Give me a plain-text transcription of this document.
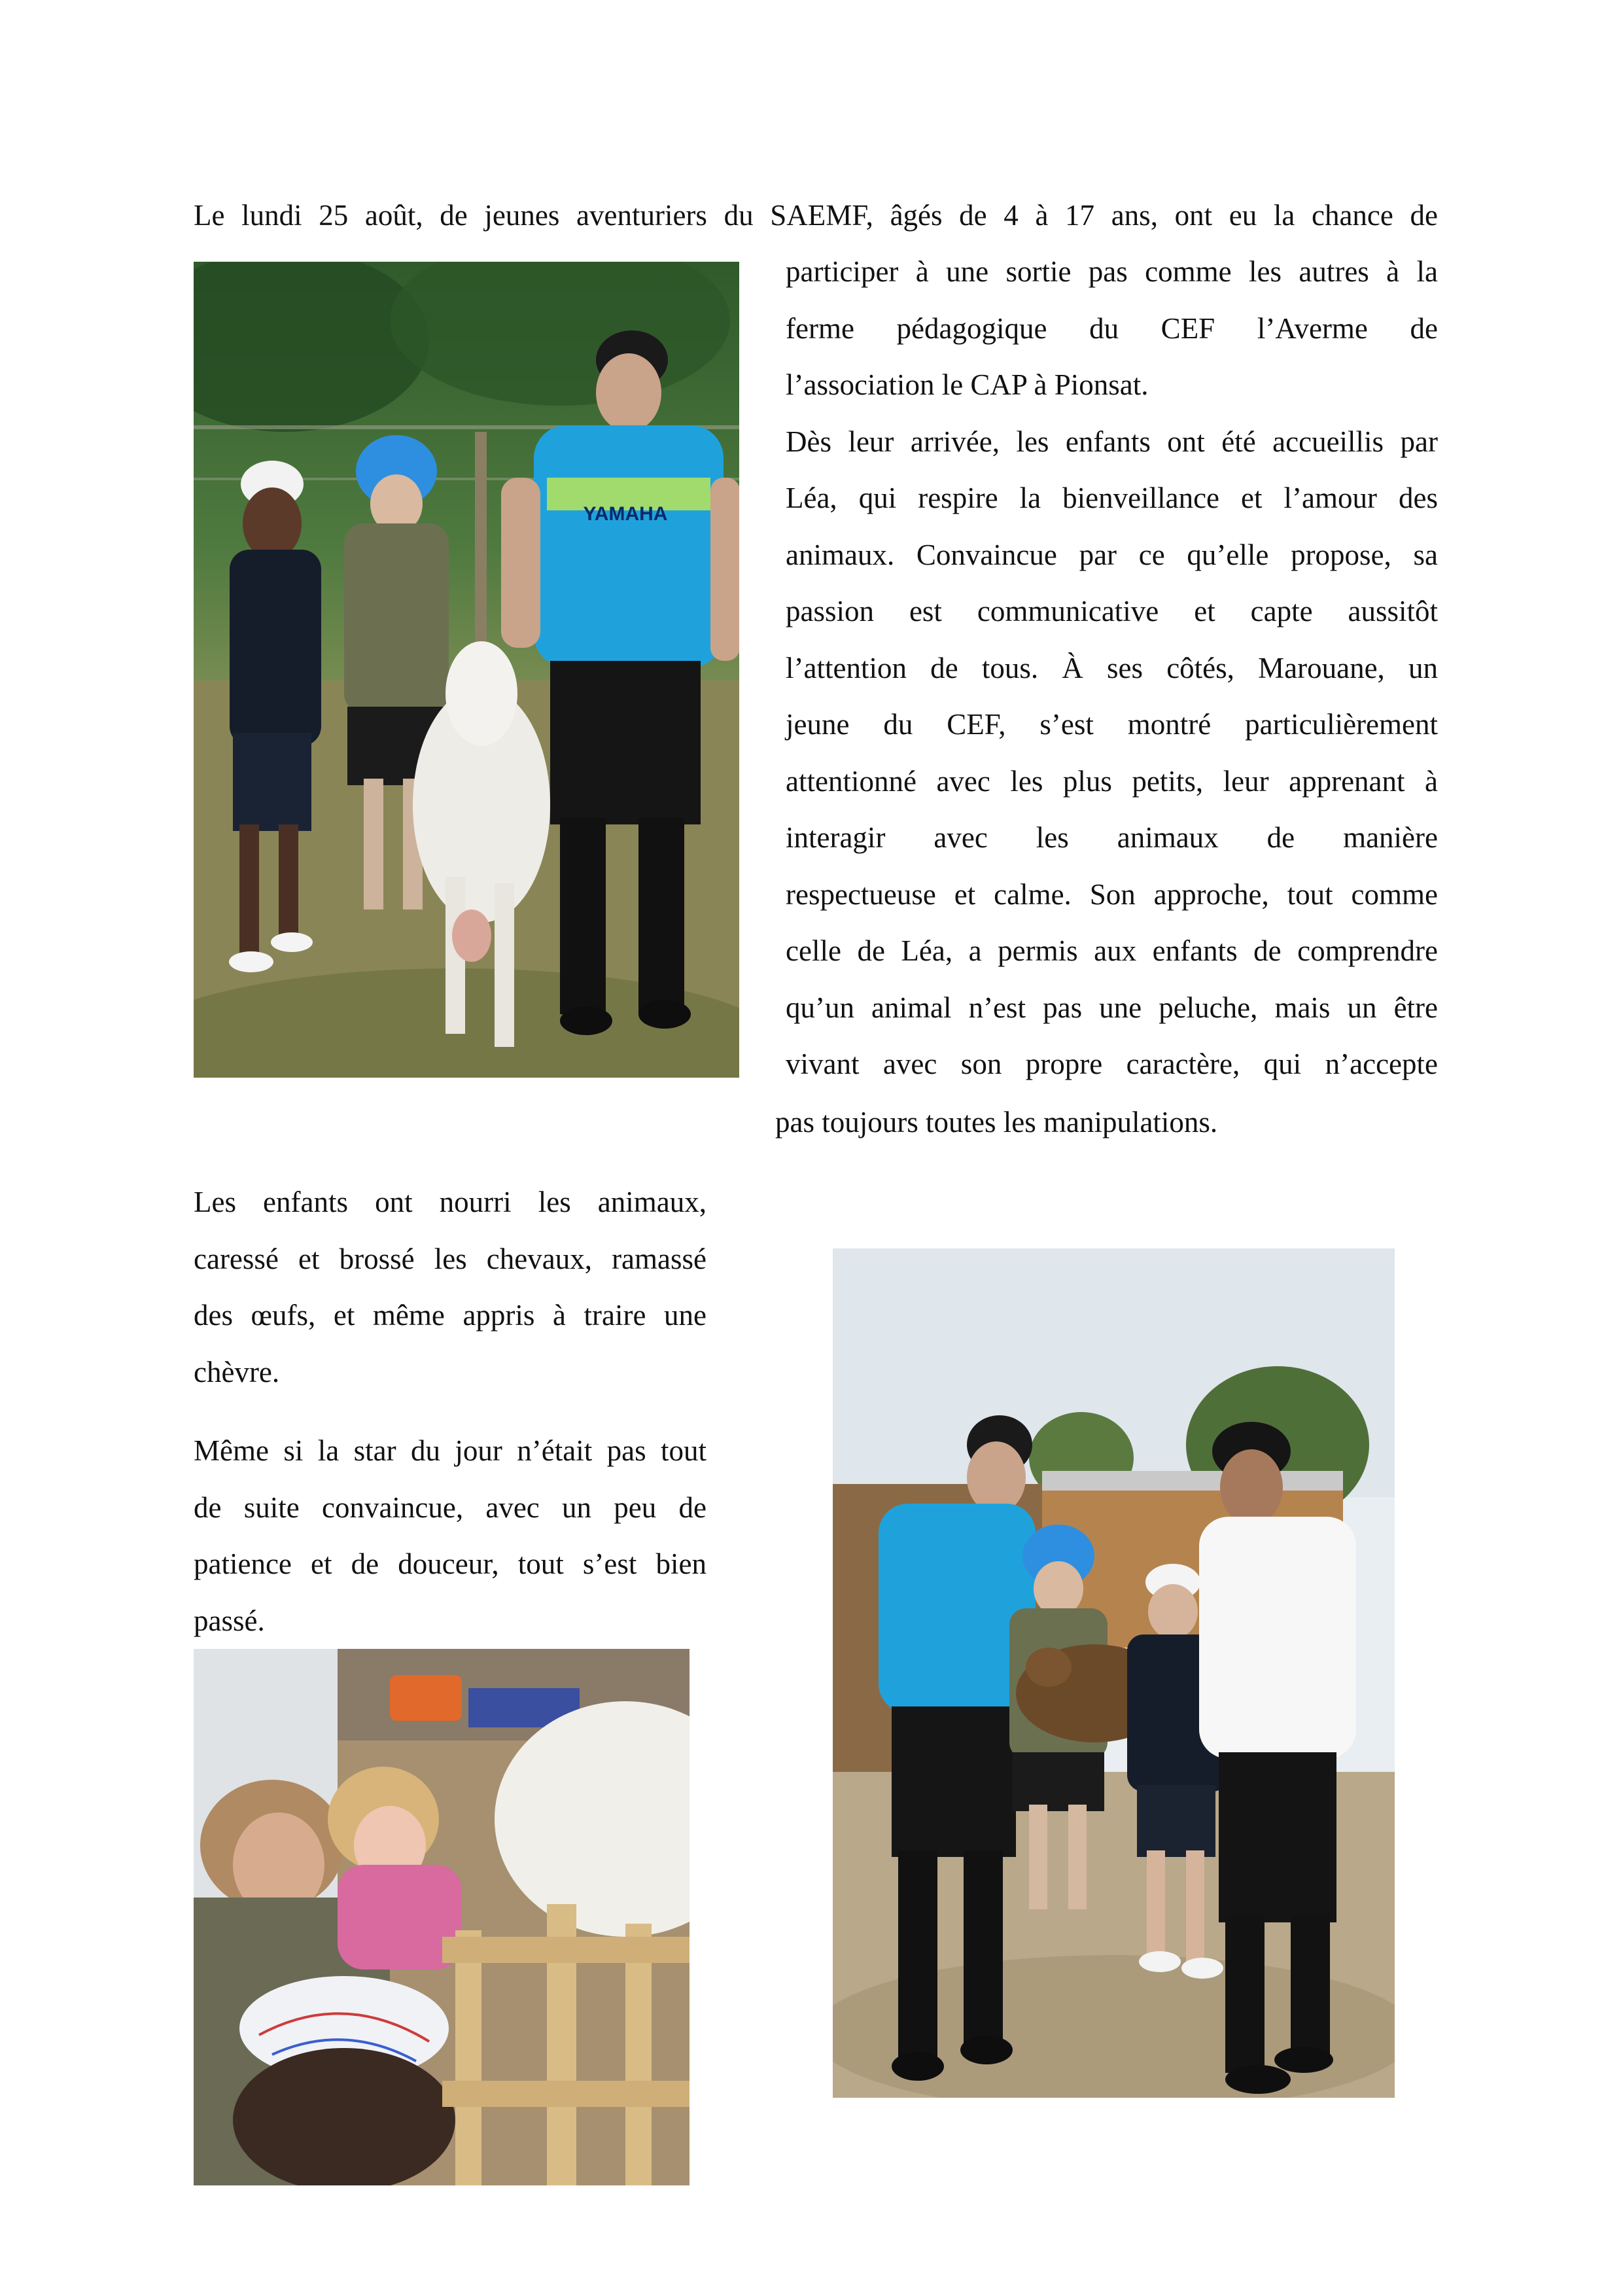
Le lundi 25 août, de jeunes aventuriers du SAEMF, âgés de 4 à 17 ans, ont eu la chance de

YAMAHA

participer à une sortie pas comme les autres à la

ferme pédagogique du CEF l’Averme de

l’association le CAP à Pionsat.

Dès leur arrivée, les enfants ont été accueillis par

Léa, qui respire la bienveillance et l’amour des

animaux. Convaincue par ce qu’elle propose, sa

passion est communicative et capte aussitôt

l’attention de tous. À ses côtés, Marouane, un

jeune du CEF, s’est montré particulièrement

attentionné avec les plus petits, leur apprenant à

interagir avec les animaux de manière

respectueuse et calme. Son approche, tout comme

celle de Léa, a permis aux enfants de comprendre

qu’un animal n’est pas une peluche, mais un être

vivant avec son propre caractère, qui n’accepte

pas toujours toutes les manipulations.

Les enfants ont nourri les animaux,

caressé et brossé les chevaux, ramassé

des œufs, et même appris à traire une

chèvre.

Même si la star du jour n’était pas tout

de suite convaincue, avec un peu de

patience et de douceur, tout s’est bien

passé.
